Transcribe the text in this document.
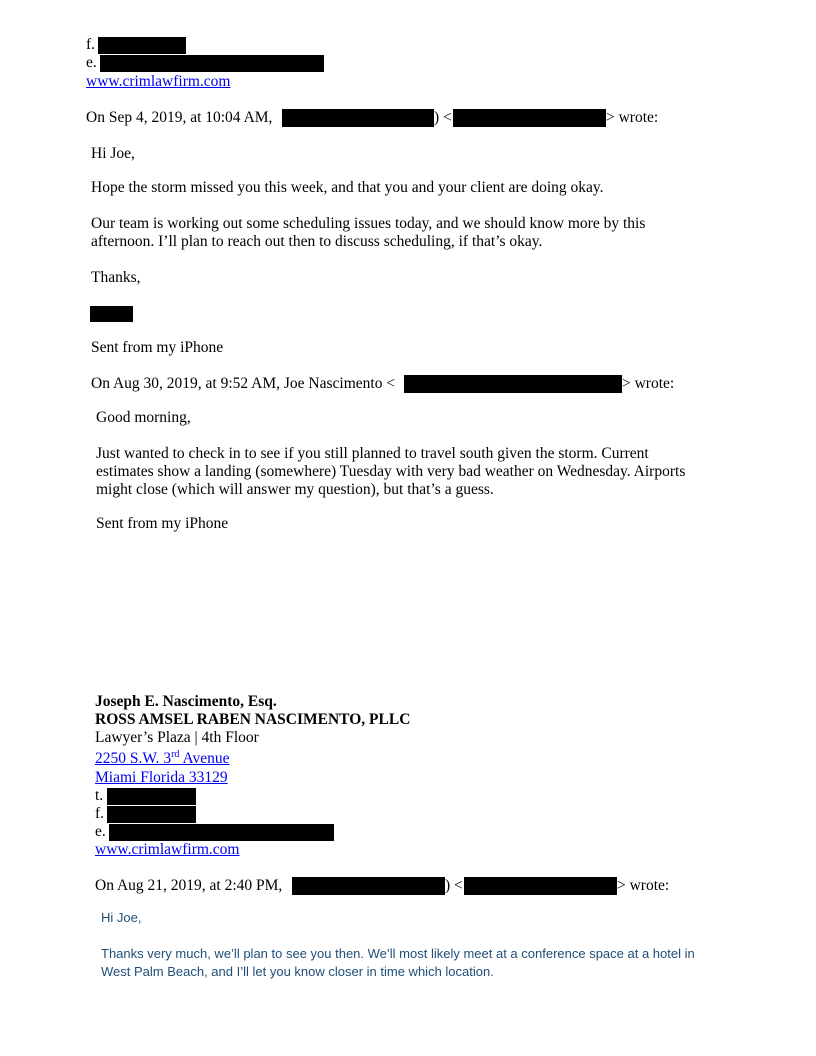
f.
e.
www.crimlawfirm.com
On Sep 4, 2019, at 10:04 AM,	) <	> wrote:
Hi Joe,
Hope the storm missed you this week, and that you and your client are doing okay.
Our team is working out some scheduling issues today, and we should know more by this
afternoon. I’ll plan to reach out then to discuss scheduling, if that’s okay.
Thanks,
Sent from my iPhone
On Aug 30, 2019, at 9:52 AM, Joe Nascimento <	> wrote:
Good morning,
Just wanted to check in to see if you still planned to travel south given the storm. Current
estimates show a landing (somewhere) Tuesday with very bad weather on Wednesday. Airports
might close (which will answer my question), but that’s a guess.
Sent from my iPhone
Joseph E. Nascimento, Esq.
ROSS AMSEL RABEN NASCIMENTO, PLLC
Lawyer’s Plaza | 4th Floor
2250 S.W. 3rd Avenue
Miami Florida 33129
t.
f.
e.
www.crimlawfirm.com
On Aug 21, 2019, at 2:40 PM,	) <	> wrote:
Hi Joe,
Thanks very much, we’ll plan to see you then. We’ll most likely meet at a conference space at a hotel in
West Palm Beach, and I’ll let you know closer in time which location.
